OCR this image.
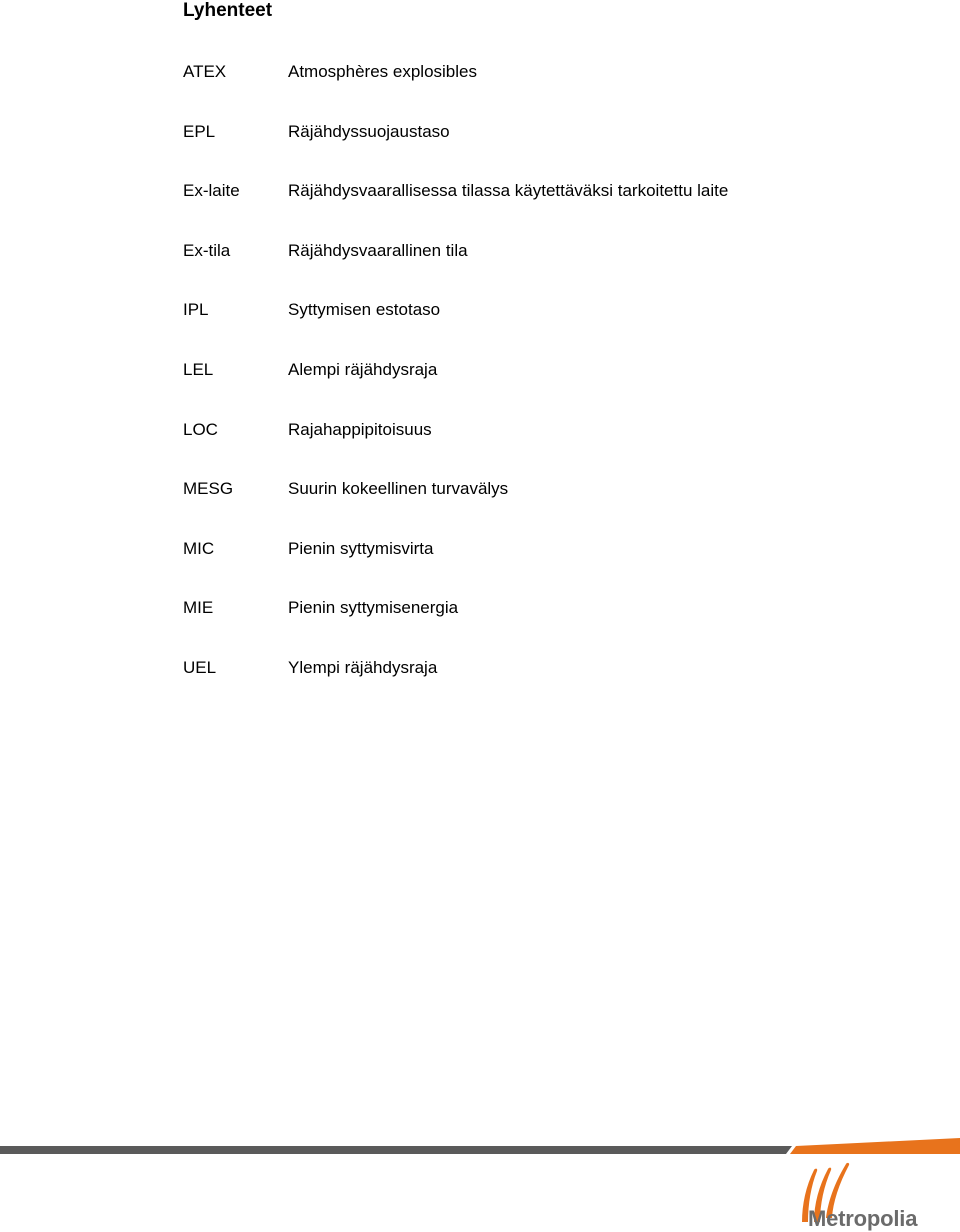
Lyhenteet
ATEX	Atmosphères explosibles
EPL	Räjähdyssuojaustaso
Ex-laite	Räjähdysvaarallisessa tilassa käytettäväksi tarkoitettu laite
Ex-tila	Räjähdysvaarallinen tila
IPL	Syttymisen estotaso
LEL	Alempi räjähdysraja
LOC	Rajahappipitoisuus
MESG	Suurin kokeellinen turvavälys
MIC	Pienin syttymisvirta
MIE	Pienin syttymisenergia
UEL	Ylempi räjähdysraja
Metropolia
